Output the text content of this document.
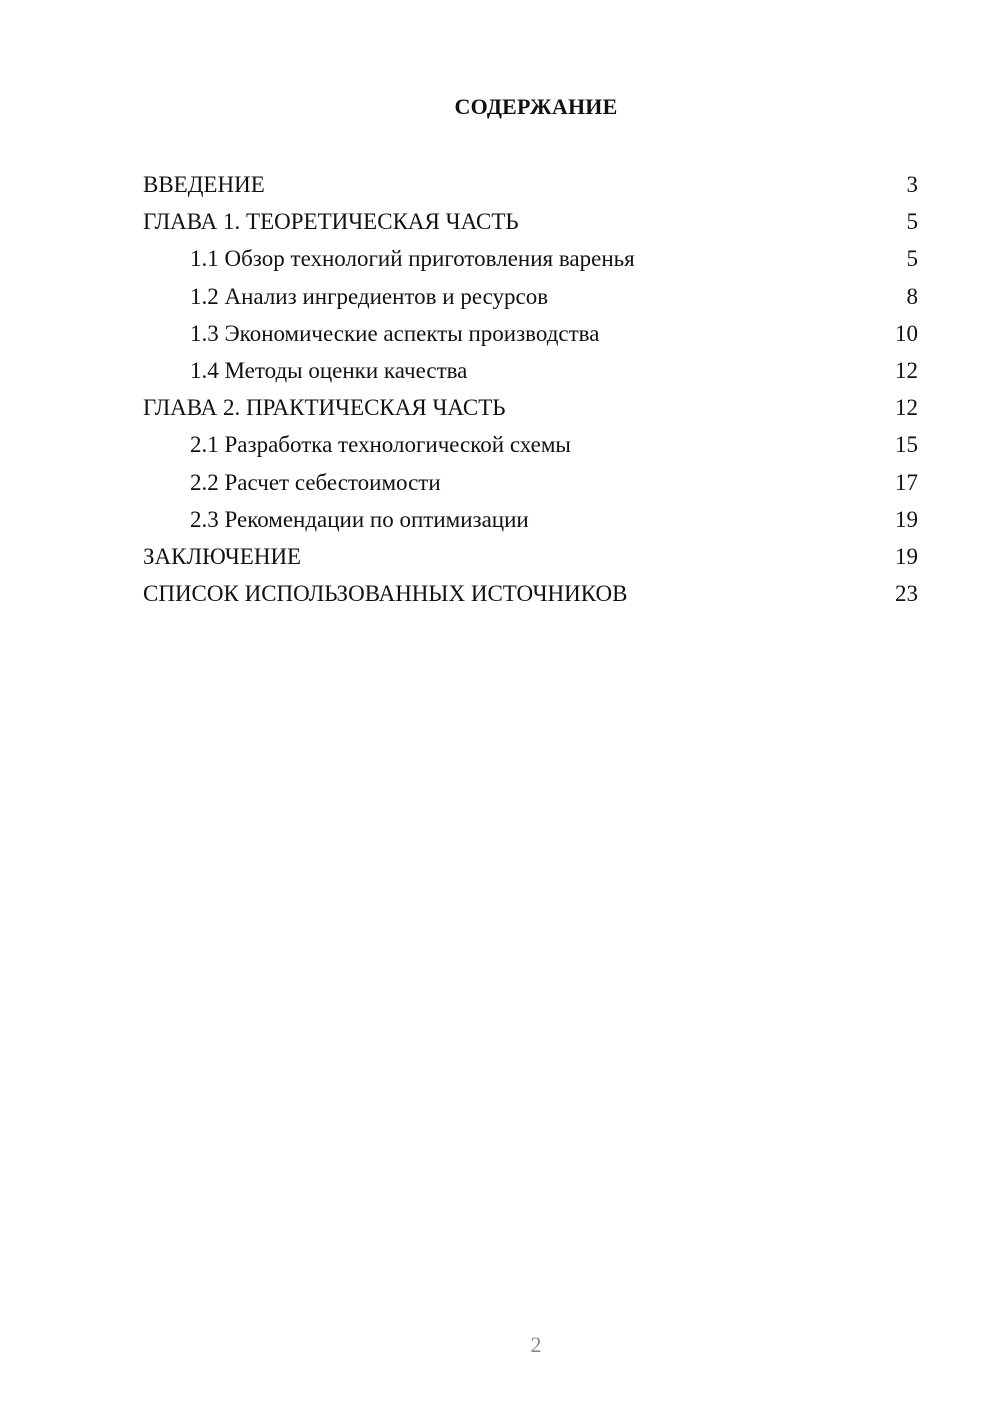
СОДЕРЖАНИЕ
ВВЕДЕНИЕ	3
ГЛАВА 1. ТЕОРЕТИЧЕСКАЯ ЧАСТЬ	5
1.1 Обзор технологий приготовления варенья	5
1.2 Анализ ингредиентов и ресурсов	8
1.3 Экономические аспекты производства	10
1.4 Методы оценки качества	12
ГЛАВА 2. ПРАКТИЧЕСКАЯ ЧАСТЬ	12
2.1 Разработка технологической схемы	15
2.2 Расчет себестоимости	17
2.3 Рекомендации по оптимизации	19
ЗАКЛЮЧЕНИЕ	19
СПИСОК ИСПОЛЬЗОВАННЫХ ИСТОЧНИКОВ	23
2
